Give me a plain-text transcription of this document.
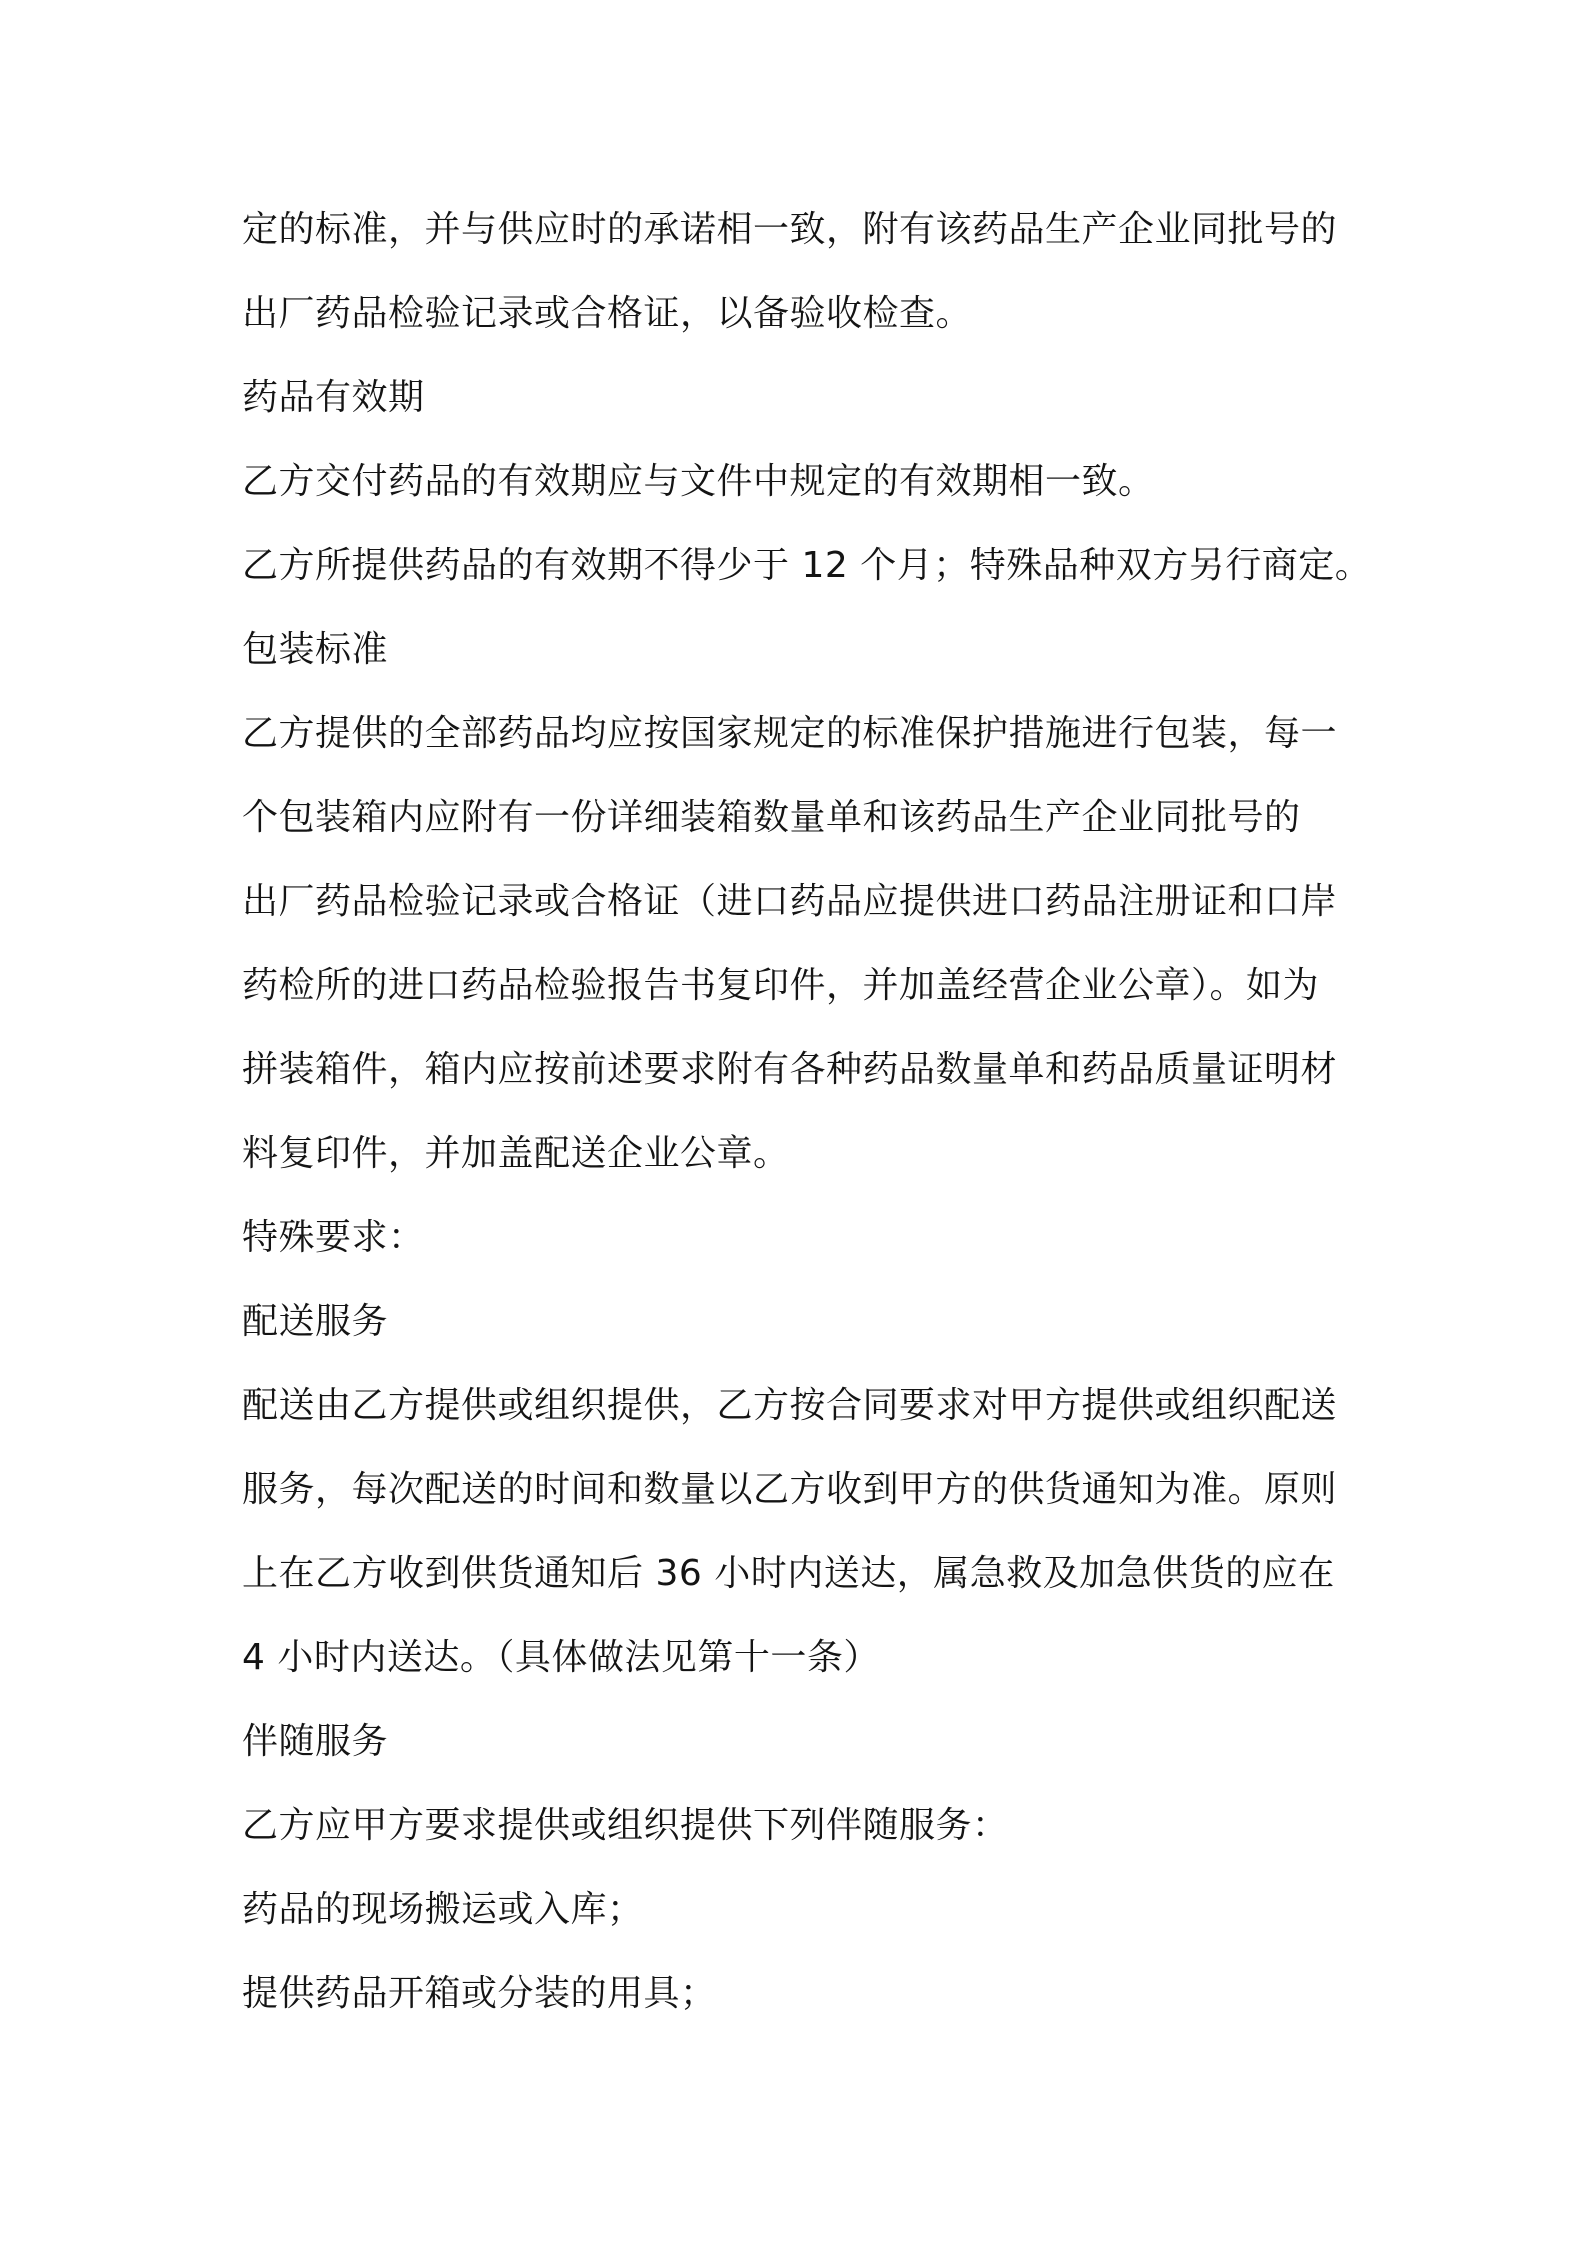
定的标准，并与供应时的承诺相一致，附有该药品生产企业同批号的
出厂药品检验记录或合格证，以备验收检查。
药品有效期
乙方交付药品的有效期应与文件中规定的有效期相一致。
乙方所提供药品的有效期不得少于 12 个月；特殊品种双方另行商定。
包装标准
乙方提供的全部药品均应按国家规定的标准保护措施进行包装，每一
个包装箱内应附有一份详细装箱数量单和该药品生产企业同批号的
出厂药品检验记录或合格证（进口药品应提供进口药品注册证和口岸
药检所的进口药品检验报告书复印件，并加盖经营企业公章）。如为
拼装箱件，箱内应按前述要求附有各种药品数量单和药品质量证明材
料复印件，并加盖配送企业公章。
特殊要求：
配送服务
配送由乙方提供或组织提供，乙方按合同要求对甲方提供或组织配送
服务，每次配送的时间和数量以乙方收到甲方的供货通知为准。原则
上在乙方收到供货通知后 36 小时内送达，属急救及加急供货的应在
4 小时内送达。（具体做法见第十一条）
伴随服务
乙方应甲方要求提供或组织提供下列伴随服务：
药品的现场搬运或入库；
提供药品开箱或分装的用具；
